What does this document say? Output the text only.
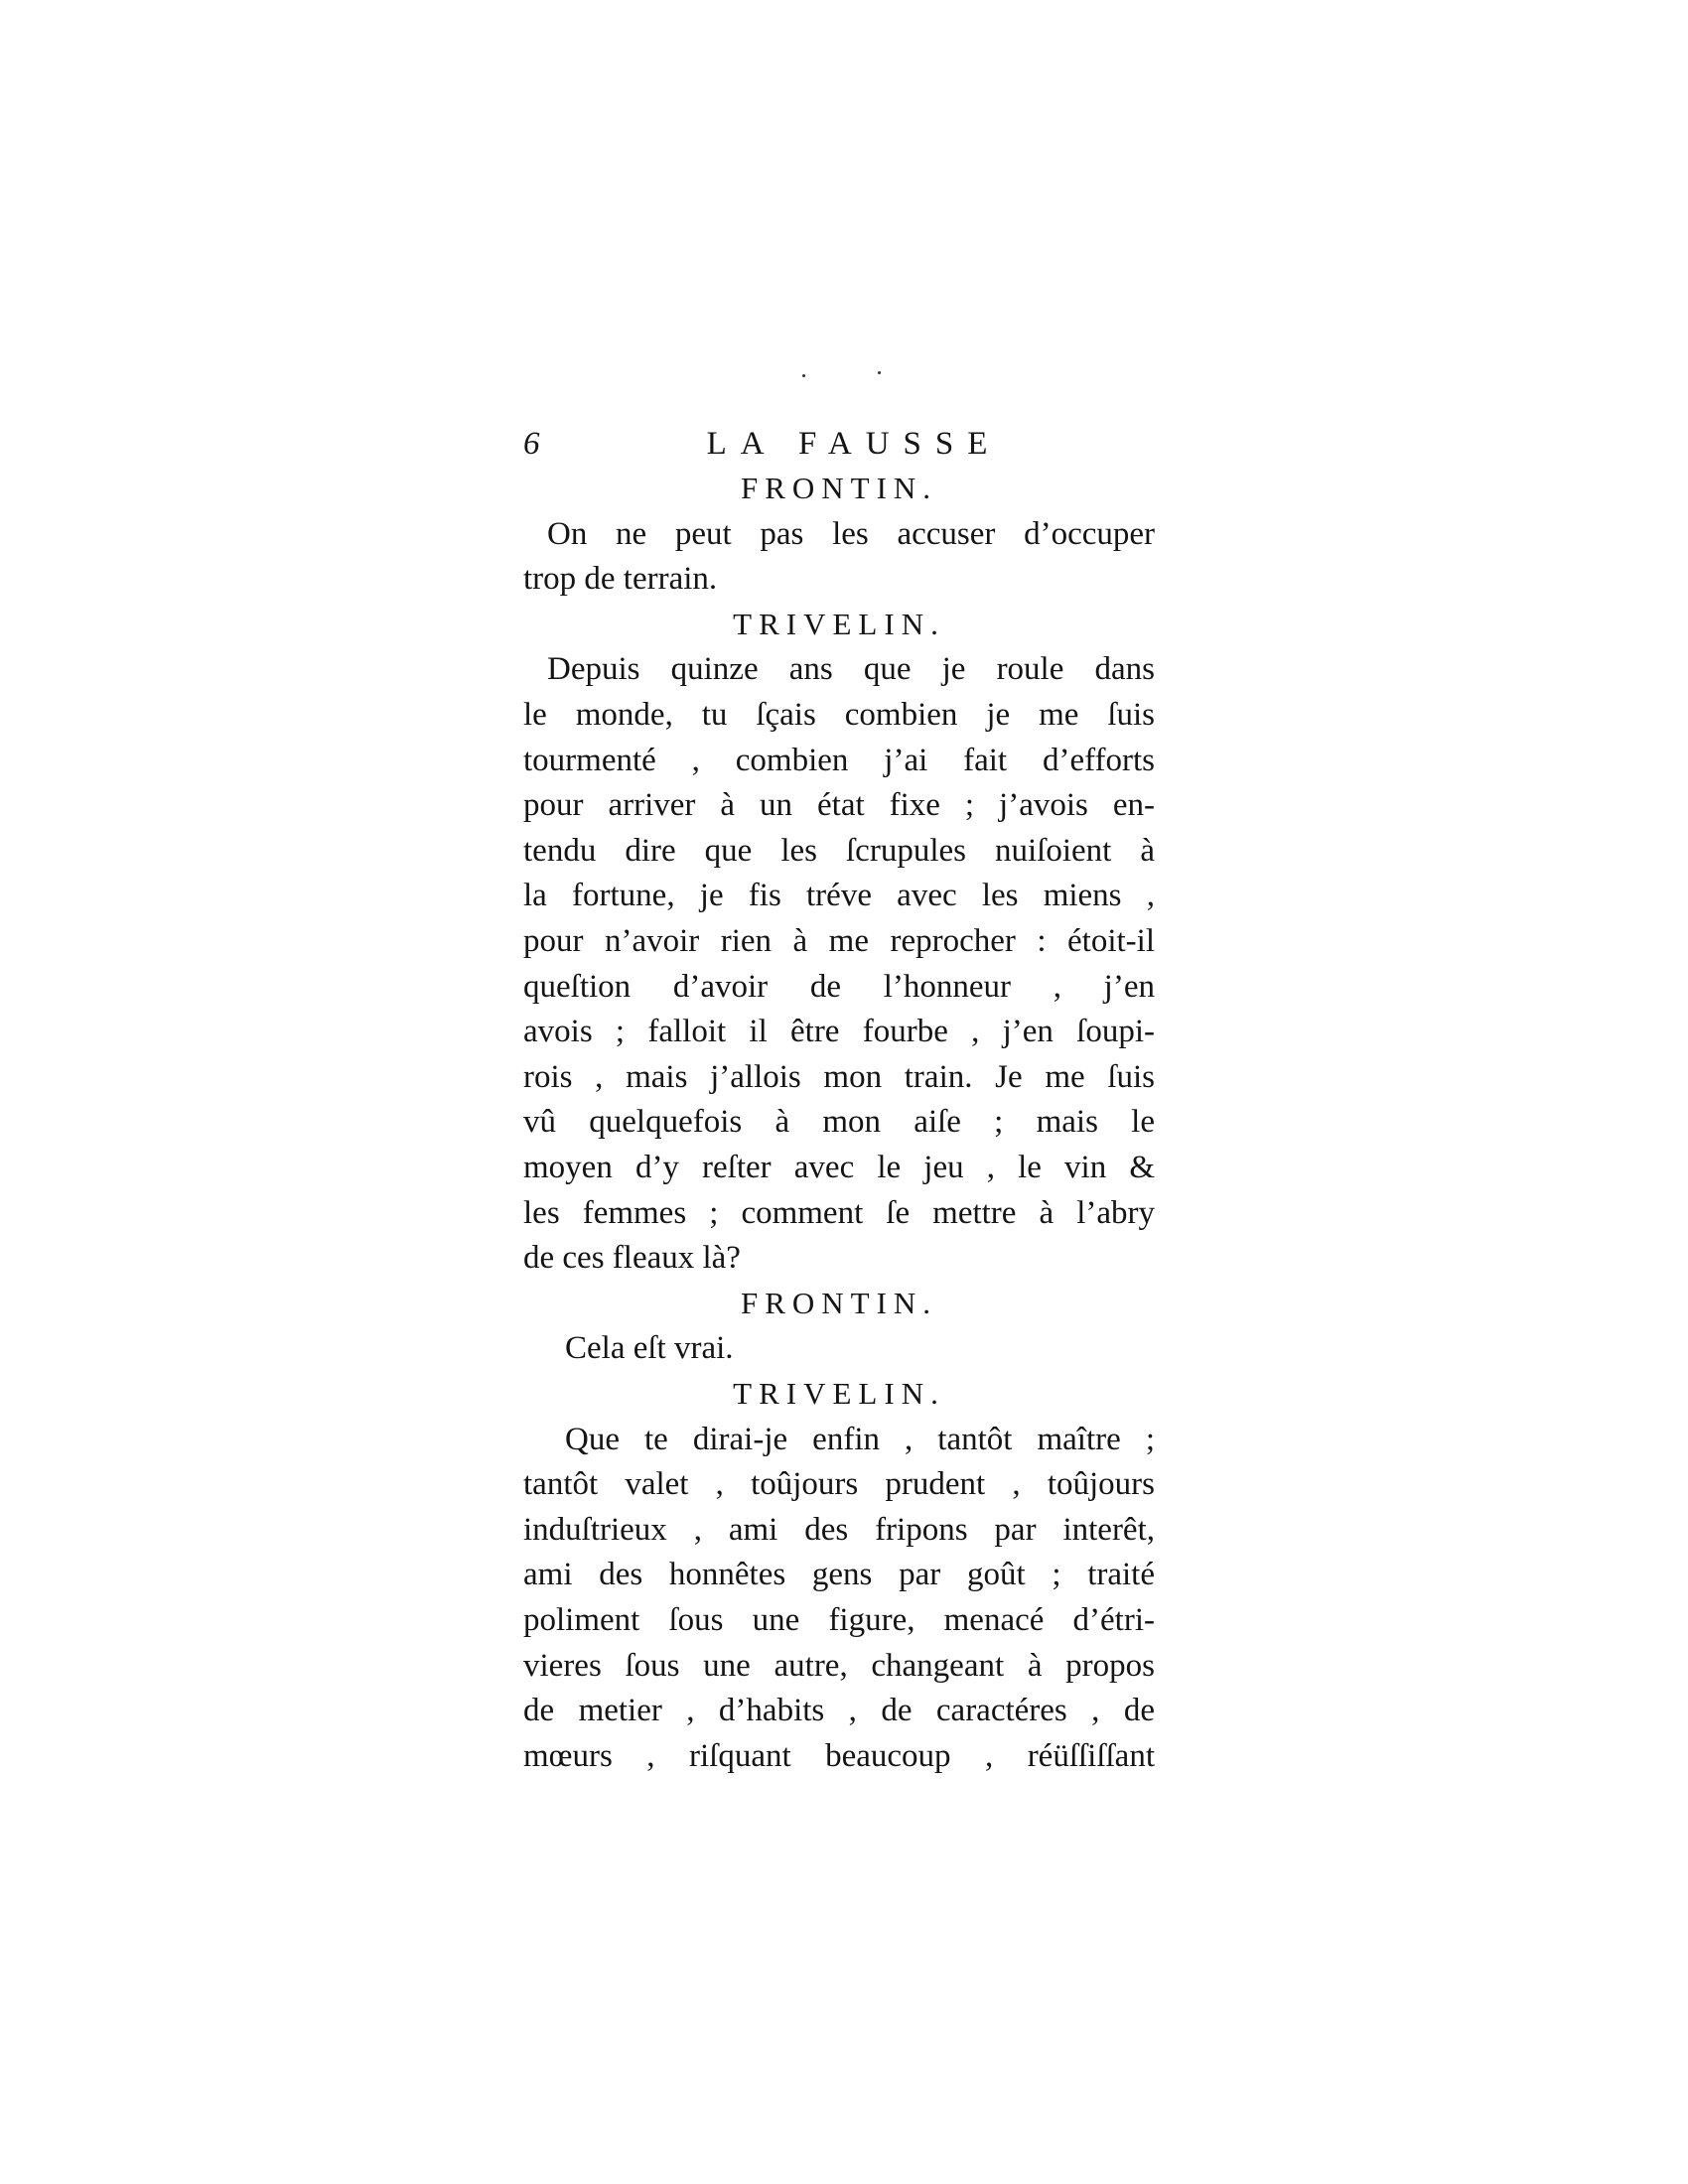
6	LA FAUSSE
FRONTIN.
On ne peut pas les accuser d’occuper
trop de terrain.
TRIVELIN.
Depuis quinze ans que je roule dans
le monde, tu ſçais combien je me ſuis
tourmenté , combien j’ai fait d’efforts
pour arriver à un état fixe ; j’avois en-
tendu dire que les ſcrupules nuiſoient à
la fortune, je fis tréve avec les miens ,
pour n’avoir rien à me reprocher : étoit-il
queſtion d’avoir de l’honneur , j’en
avois ; falloit il être fourbe , j’en ſoupi-
rois , mais j’allois mon train. Je me ſuis
vû quelquefois à mon aiſe ; mais le
moyen d’y reſter avec le jeu , le vin &
les femmes ; comment ſe mettre à l’abry
de ces fleaux là?
FRONTIN.
Cela eſt vrai.
TRIVELIN.
Que te dirai-je enfin , tantôt maître ;
tantôt valet , toûjours prudent , toûjours
induſtrieux , ami des fripons par interêt,
ami des honnêtes gens par goût ; traité
poliment ſous une figure, menacé d’étri-
vieres ſous une autre, changeant à propos
de metier , d’habits , de caractéres , de
mœurs , riſquant beaucoup , réüſſiſſant
